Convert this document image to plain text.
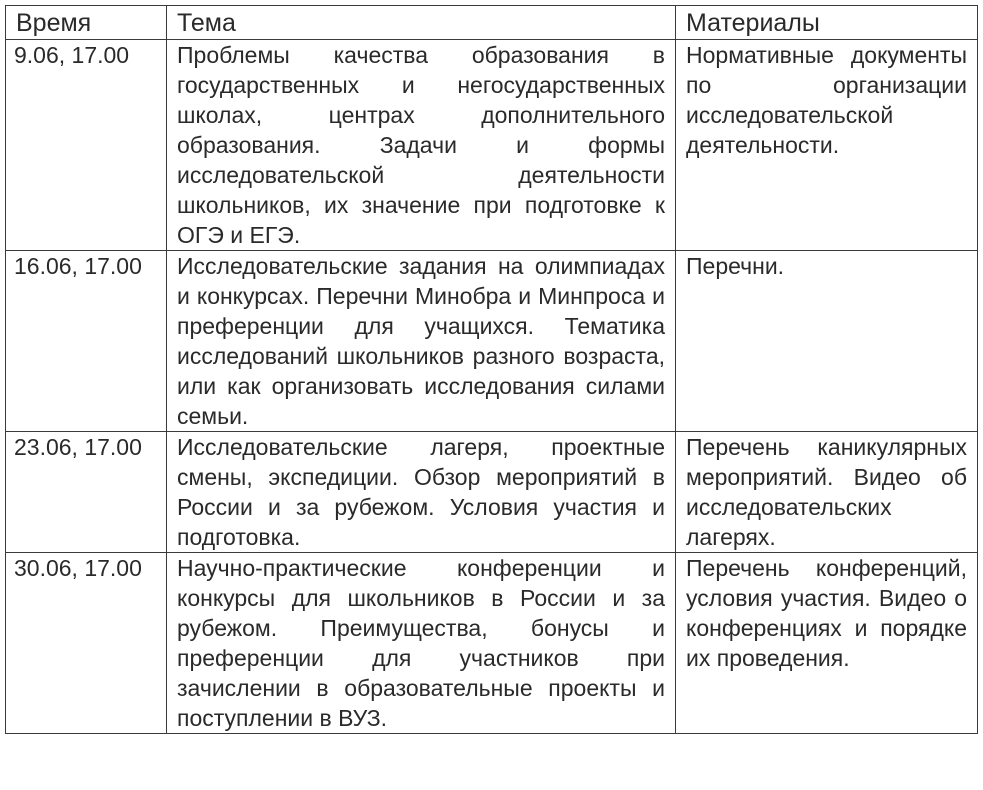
Время	Тема	Материалы
9.06, 17.00	Проблемы качества образования в государственных и негосударственных школах, центрах дополнительного образования. Задачи и формы исследовательской деятельности школьников, их значение при подготовке к ОГЭ и ЕГЭ.	Нормативные документы по организации исследовательской деятельности.
16.06, 17.00	Исследовательские задания на олимпиадах и конкурсах. Перечни Минобра и Минпроса и преференции для учащихся. Тематика исследований школьников разного возраста, или как организовать исследования силами семьи.	Перечни.
23.06, 17.00	Исследовательские лагеря, проектные смены, экспедиции. Обзор мероприятий в России и за рубежом. Условия участия и подготовка.	Перечень каникулярных мероприятий. Видео об исследовательских лагерях.
30.06, 17.00	Научно-практические конференции и конкурсы для школьников в России и за рубежом. Преимущества, бонусы и преференции для участников при зачислении в образовательные проекты и поступлении в ВУЗ.	Перечень конференций, условия участия. Видео о конференциях и порядке их проведения.
